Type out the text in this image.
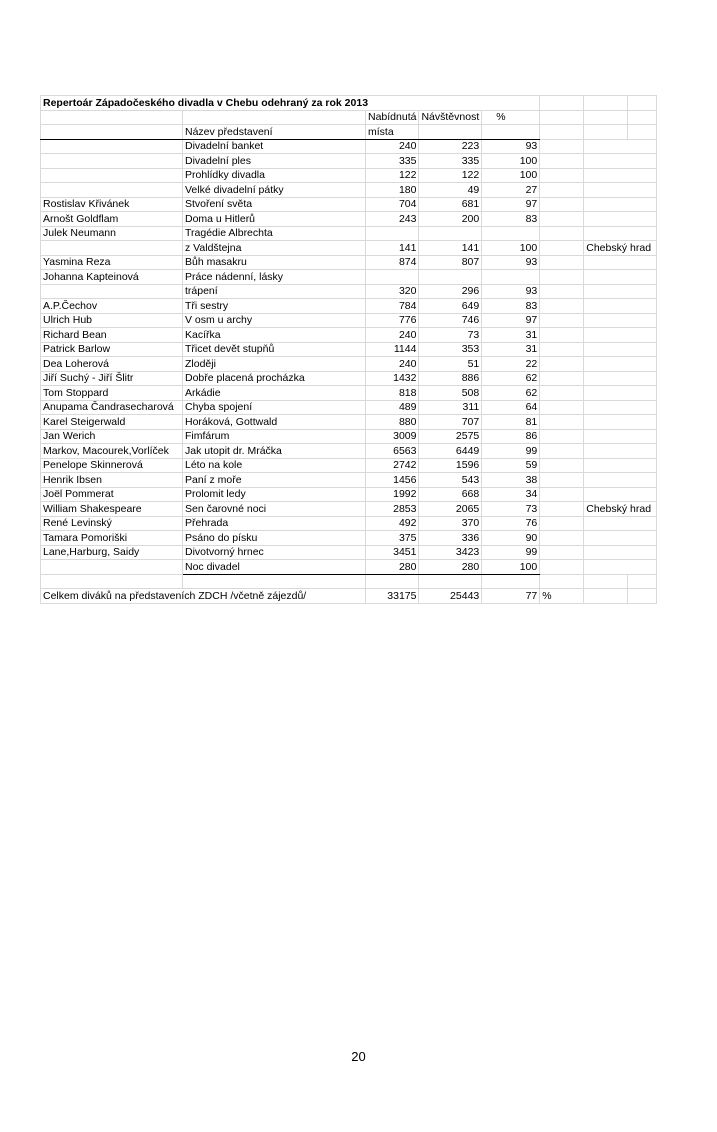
Repertoár Západočeského divadla v Chebu odehraný za rok 2013							
		Nabídnutá	Návštěvnost	%			
	Název představení	místa					
	Divadelní banket	240	223	93			
	Divadelní ples	335	335	100			
	Prohlídky divadla	122	122	100			
	Velké divadelní pátky	180	49	27			
Rostislav Křivánek	Stvoření světa	704	681	97			
Arnošt Goldflam	Doma u Hitlerů	243	200	83			
Julek Neumann	Tragédie Albrechta						
	z Valdštejna	141	141	100		Chebský hrad	
Yasmina Reza	Bůh masakru	874	807	93			
Johanna Kapteinová	Práce nádenní, lásky						
	trápení	320	296	93			
A.P.Čechov	Tři sestry	784	649	83			
Ulrich Hub	V osm u archy	776	746	97			
Richard Bean	Kacířka	240	73	31			
Patrick Barlow	Třicet devět stupňů	1144	353	31			
Dea Loherová	Zloději	240	51	22			
Jiří Suchý - Jiří Šlitr	Dobře placená procházka	1432	886	62			
Tom Stoppard	Arkádie	818	508	62			
Anupama Čandrasecharová	Chyba spojení	489	311	64			
Karel Steigerwald	Horáková, Gottwald	880	707	81			
Jan Werich	Fimfárum	3009	2575	86			
Markov, Macourek,Vorlíček	Jak utopit dr. Mráčka	6563	6449	99			
Penelope Skinnerová	Léto na kole	2742	1596	59			
Henrik Ibsen	Paní z moře	1456	543	38			
Joël Pommerat	Prolomit ledy	1992	668	34			
William Shakespeare	Sen čarovné noci	2853	2065	73		Chebský hrad	
René Levinský	Přehrada	492	370	76			
Tamara Pomoriški	Psáno do písku	375	336	90			
Lane,Harburg, Saidy	Divotvorný hrnec	3451	3423	99			
	Noc divadel	280	280	100			

Celkem diváků na představeních ZDCH /včetně zájezdů/		33175	25443	77	%		
20
